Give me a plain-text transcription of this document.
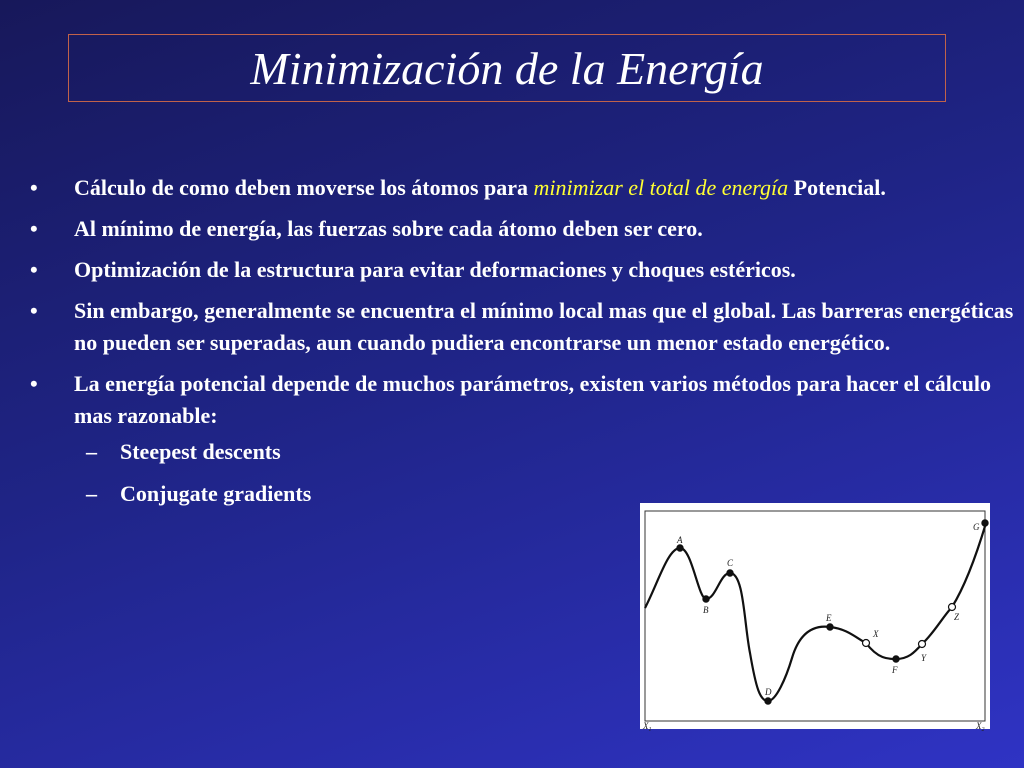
Minimización de la Energía
•	Cálculo de como deben moverse los átomos para minimizar el total de energía Potencial.
•	Al mínimo de energía, las fuerzas sobre cada átomo deben ser cero.
•	Optimización de la estructura para evitar deformaciones y choques estéricos.
•	Sin embargo, generalmente se encuentra el mínimo local mas que el global. Las barreras energéticas no pueden ser superadas, aun cuando pudiera encontrarse un menor estado energético.
•	La energía potencial depende de muchos parámetros, existen varios métodos para hacer el cálculo mas razonable:
–	Steepest descents
–	Conjugate gradients
A
B
C
D
E
F
G
X
Y
Z
$X_1$	$X_2$
